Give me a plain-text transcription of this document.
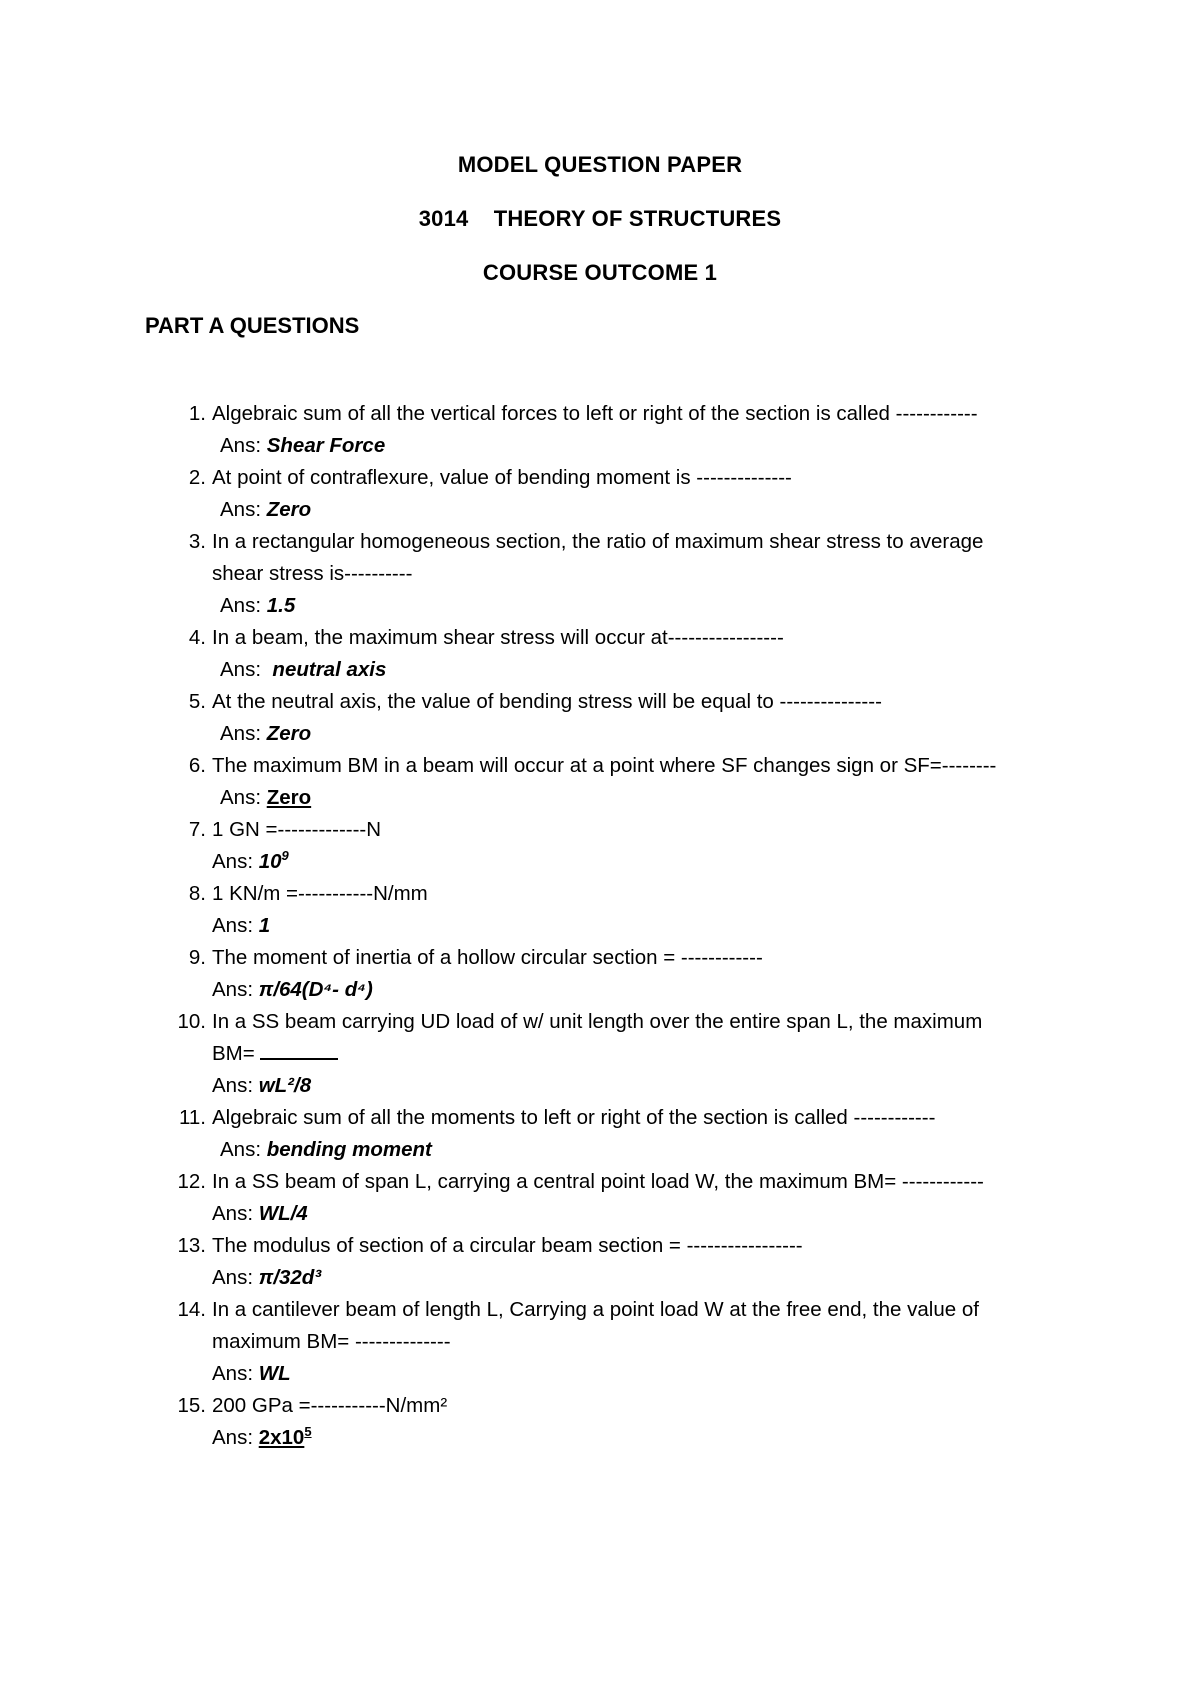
MODEL QUESTION PAPER
3014    THEORY OF STRUCTURES
COURSE OUTCOME 1
PART A QUESTIONS
1. Algebraic sum of all the vertical forces to left or right of the section is called ------------
Ans: Shear Force
2. At point of contraflexure, value of bending moment is --------------
Ans: Zero
3. In a rectangular homogeneous section, the ratio of maximum shear stress to average
shear stress is----------
Ans: 1.5
4. In a beam, the maximum shear stress will occur at-----------------
Ans:  neutral axis
5. At the neutral axis, the value of bending stress will be equal to ---------------
Ans: Zero
6. The maximum BM in a beam will occur at a point where SF changes sign or SF=--------
Ans: Zero
7. 1 GN =-------------N
Ans: $10^9$
8. 1 KN/m =-----------N/mm
Ans: 1
9. The moment of inertia of a hollow circular section = ------------
Ans: π/64(D⁴- d⁴)
10. In a SS beam carrying UD load of w/ unit length over the entire span L, the maximum
BM=
Ans: wL²/8
11. Algebraic sum of all the moments to left or right of the section is called ------------
Ans: bending moment
12. In a SS beam of span L, carrying a central point load W, the maximum BM= ------------
Ans: WL/4
13. The modulus of section of a circular beam section = -----------------
Ans: π/32d³
14. In a cantilever beam of length L, Carrying a point load W at the free end, the value of
maximum BM= --------------
Ans: WL
15. 200 GPa =-----------N/mm²
Ans: $2x10^5$
